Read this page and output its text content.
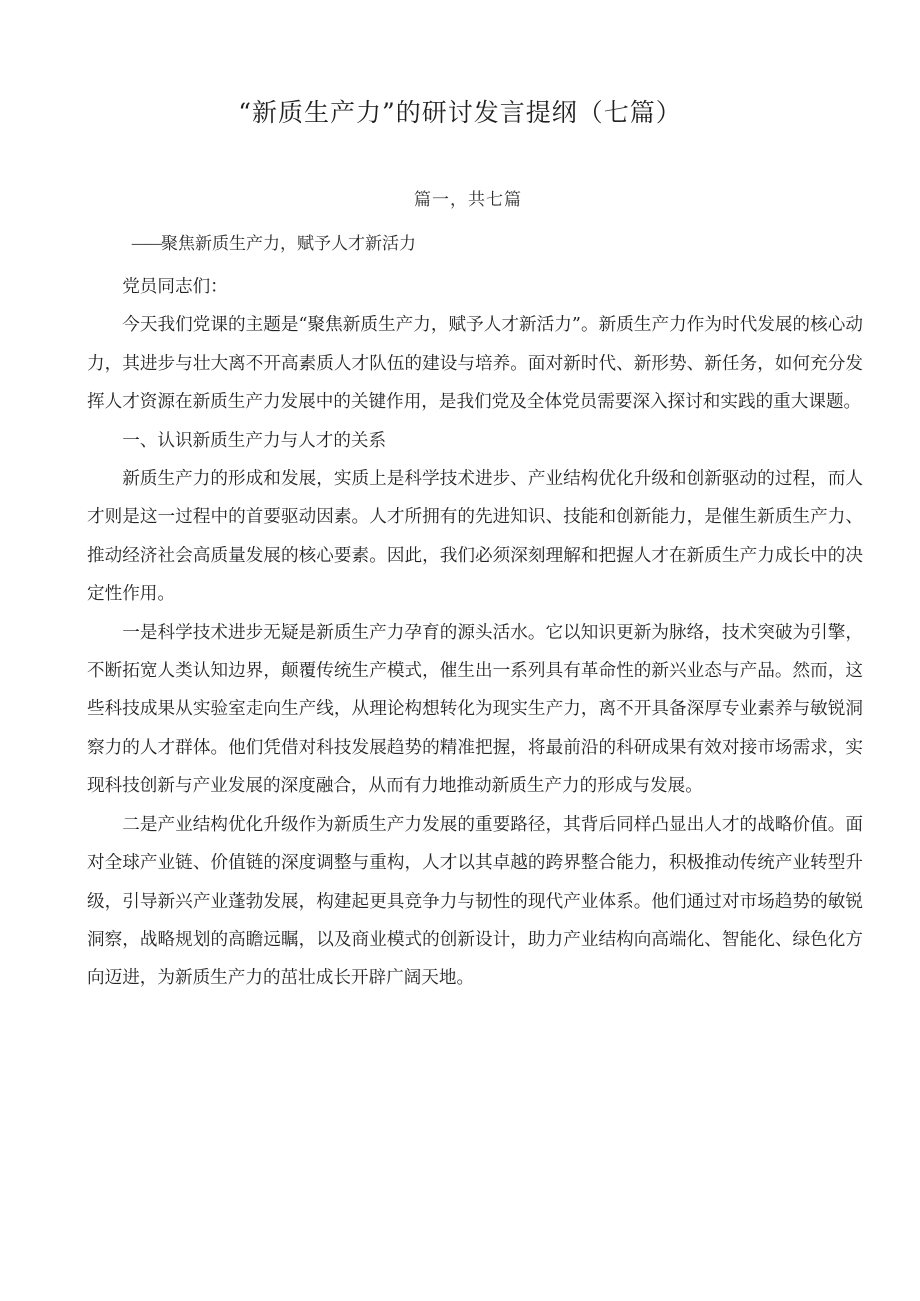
“新质生产力”的研讨发言提纲（七篇）
篇一，共七篇
——聚焦新质生产力，赋予人才新活力

党员同志们：

今天我们党课的主题是“聚焦新质生产力，赋予人才新活力”。新质生产力作为时代发展的核心动力，其进步与壮大离不开高素质人才队伍的建设与培养。面对新时代、新形势、新任务，如何充分发挥人才资源在新质生产力发展中的关键作用，是我们党及全体党员需要深入探讨和实践的重大课题。

一、认识新质生产力与人才的关系

新质生产力的形成和发展，实质上是科学技术进步、产业结构优化升级和创新驱动的过程，而人才则是这一过程中的首要驱动因素。人才所拥有的先进知识、技能和创新能力，是催生新质生产力、推动经济社会高质量发展的核心要素。因此，我们必须深刻理解和把握人才在新质生产力成长中的决定性作用。

一是科学技术进步无疑是新质生产力孕育的源头活水。它以知识更新为脉络，技术突破为引擎，不断拓宽人类认知边界，颠覆传统生产模式，催生出一系列具有革命性的新兴业态与产品。然而，这些科技成果从实验室走向生产线，从理论构想转化为现实生产力，离不开具备深厚专业素养与敏锐洞察力的人才群体。他们凭借对科技发展趋势的精准把握，将最前沿的科研成果有效对接市场需求，实现科技创新与产业发展的深度融合，从而有力地推动新质生产力的形成与发展。

二是产业结构优化升级作为新质生产力发展的重要路径，其背后同样凸显出人才的战略价值。面对全球产业链、价值链的深度调整与重构，人才以其卓越的跨界整合能力，积极推动传统产业转型升级，引导新兴产业蓬勃发展，构建起更具竞争力与韧性的现代产业体系。他们通过对市场趋势的敏锐洞察，战略规划的高瞻远瞩，以及商业模式的创新设计，助力产业结构向高端化、智能化、绿色化方向迈进，为新质生产力的茁壮成长开辟广阔天地。
